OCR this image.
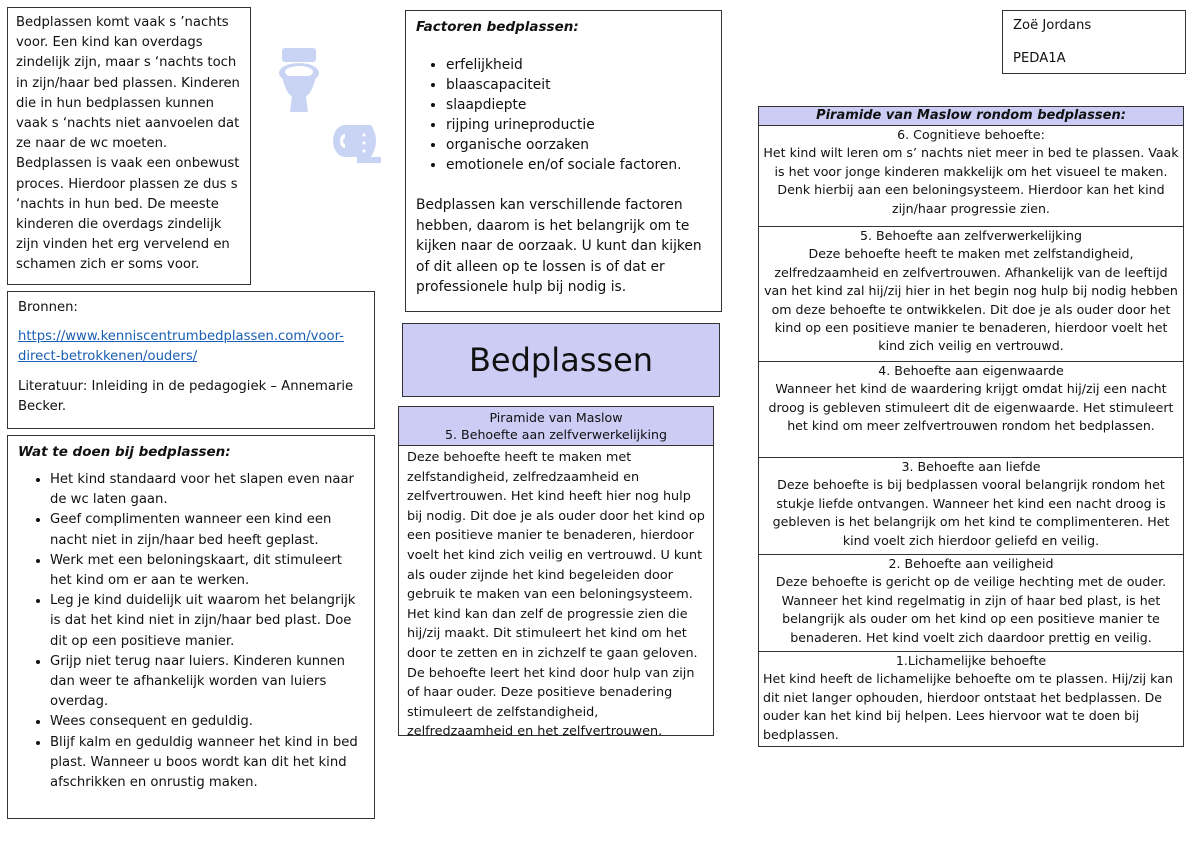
Bedplassen komt vaak s ’nachts voor. Een kind kan overdags zindelijk zijn, maar s ‘nachts toch in zijn/haar bed plassen. Kinderen die in hun bedplassen kunnen vaak s ‘nachts niet aanvoelen dat ze naar de wc moeten. Bedplassen is vaak een onbewust proces. Hierdoor plassen ze dus s ‘nachts in hun bed. De meeste kinderen die overdags zindelijk zijn vinden het erg vervelend en schamen zich er soms voor.

Bronnen:

https://www.kenniscentrumbedplassen.com/voor-direct-betrokkenen/ouders/

Literatuur: Inleiding in de pedagogiek – Annemarie Becker.

Wat te doen bij bedplassen:
• Het kind standaard voor het slapen even naar de wc laten gaan.
• Geef complimenten wanneer een kind een nacht niet in zijn/haar bed heeft geplast.
• Werk met een beloningskaart, dit stimuleert het kind om er aan te werken.
• Leg je kind duidelijk uit waarom het belangrijk is dat het kind niet in zijn/haar bed plast. Doe dit op een positieve manier.
• Grijp niet terug naar luiers. Kinderen kunnen dan weer te afhankelijk worden van luiers overdag.
• Wees consequent en geduldig.
• Blijf kalm en geduldig wanneer het kind in bed plast. Wanneer u boos wordt kan dit het kind afschrikken en onrustig maken.
Factoren bedplassen:
• erfelijkheid
• blaascapaciteit
• slaapdiepte
• rijping urineproductie
• organische oorzaken
• emotionele en/of sociale factoren.

Bedplassen kan verschillende factoren hebben, daarom is het belangrijk om te kijken naar de oorzaak. U kunt dan kijken of dit alleen op te lossen is of dat er professionele hulp bij nodig is.

Bedplassen
Piramide van Maslow
5. Behoefte aan zelfverwerkelijking
Deze behoefte heeft te maken met zelfstandigheid, zelfredzaamheid en zelfvertrouwen. Het kind heeft hier nog hulp bij nodig. Dit doe je als ouder door het kind op een positieve manier te benaderen, hierdoor voelt het kind zich veilig en vertrouwd. U kunt als ouder zijnde het kind begeleiden door gebruik te maken van een beloningsysteem. Het kind kan dan zelf de progressie zien die hij/zij maakt. Dit stimuleert het kind om het door te zetten en in zichzelf te gaan geloven. De behoefte leert het kind door hulp van zijn of haar ouder. Deze positieve benadering stimuleert de zelfstandigheid, zelfredzaamheid en het zelfvertrouwen.

Zoë Jordans

PEDA1A

Piramide van Maslow rondom bedplassen:
6. Cognitieve behoefte:
Het kind wilt leren om s’ nachts niet meer in bed te plassen. Vaak is het voor jonge kinderen makkelijk om het visueel te maken. Denk hierbij aan een beloningsysteem. Hierdoor kan het kind zijn/haar progressie zien.
5. Behoefte aan zelfverwerkelijking
Deze behoefte heeft te maken met zelfstandigheid, zelfredzaamheid en zelfvertrouwen. Afhankelijk van de leeftijd van het kind zal hij/zij hier in het begin nog hulp bij nodig hebben om deze behoefte te ontwikkelen. Dit doe je als ouder door het kind op een positieve manier te benaderen, hierdoor voelt het kind zich veilig en vertrouwd.
4. Behoefte aan eigenwaarde
Wanneer het kind de waardering krijgt omdat hij/zij een nacht droog is gebleven stimuleert dit de eigenwaarde. Het stimuleert het kind om meer zelfvertrouwen rondom het bedplassen.
3. Behoefte aan liefde
Deze behoefte is bij bedplassen vooral belangrijk rondom het stukje liefde ontvangen. Wanneer het kind een nacht droog is gebleven is het belangrijk om het kind te complimenteren. Het kind voelt zich hierdoor geliefd en veilig.
2. Behoefte aan veiligheid
Deze behoefte is gericht op de veilige hechting met de ouder. Wanneer het kind regelmatig in zijn of haar bed plast, is het belangrijk als ouder om het kind op een positieve manier te benaderen. Het kind voelt zich daardoor prettig en veilig.
1.Lichamelijke behoefte
Het kind heeft de lichamelijke behoefte om te plassen. Hij/zij kan dit niet langer ophouden, hierdoor ontstaat het bedplassen. De ouder kan het kind bij helpen. Lees hiervoor wat te doen bij bedplassen.
